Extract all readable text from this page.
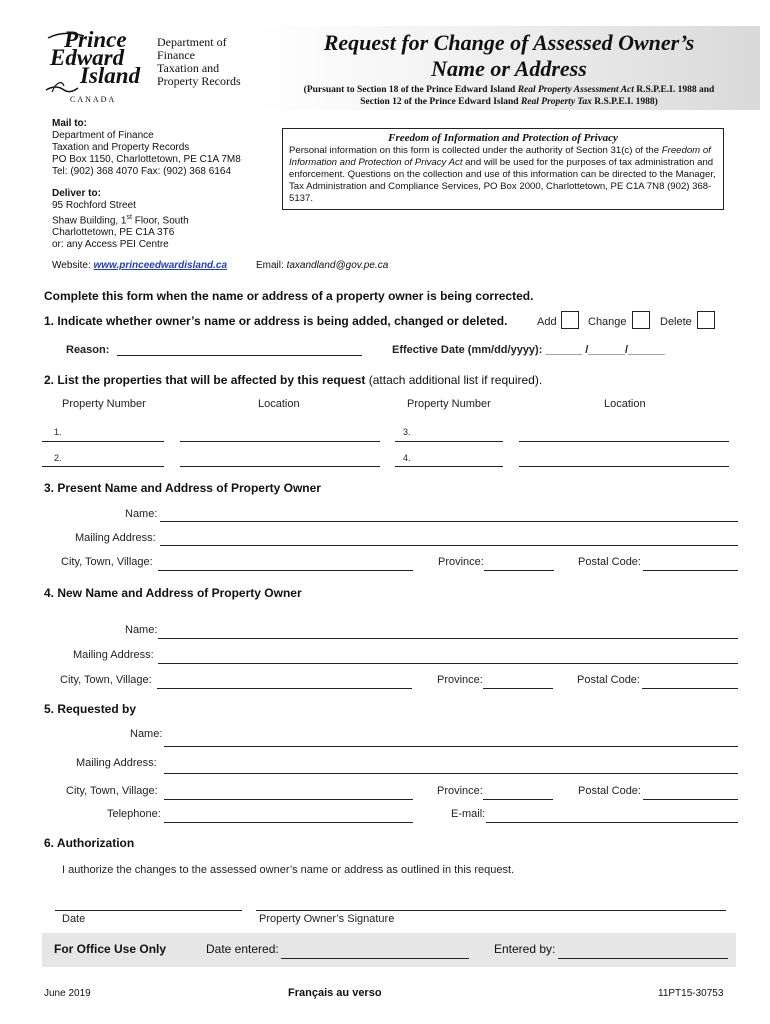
Prince
Edward
Island
CANADA
Department of
Finance
Taxation and
Property Records
Request for Change of Assessed Owner’s
Name or Address
(Pursuant to Section 18 of the Prince Edward Island Real Property Assessment Act R.S.P.E.I. 1988 and
Section 12 of the Prince Edward Island Real Property Tax R.S.P.E.I. 1988)
Mail to:
Department of Finance
Taxation and Property Records
PO Box 1150, Charlottetown, PE C1A 7M8
Tel: (902) 368 4070 Fax: (902) 368 6164
Deliver to:
95 Rochford Street
Shaw Building, 1st Floor, South
Charlottetown, PE C1A 3T6
or: any Access PEI Centre
Website: www.princeedwardisland.ca	Email: taxandland@gov.pe.ca
Freedom of Information and Protection of Privacy
Personal information on this form is collected under the authority of Section 31(c) of the Freedom of Information and Protection of Privacy Act and will be used for the purposes of tax administration and enforcement. Questions on the collection and use of this information can be directed to the Manager, Tax Administration and Compliance Services, PO Box 2000, Charlottetown, PE C1A 7N8 (902) 368-5137.
Complete this form when the name or address of a property owner is being corrected.
1. Indicate whether owner’s name or address is being added, changed or deleted.	Add	Change	Delete
Reason:	Effective Date (mm/dd/yyyy): ______ /______/______
2. List the properties that will be affected by this request (attach additional list if required).
Property Number	Location	Property Number	Location
1.	3.
2.	4.
3. Present Name and Address of Property Owner
Name:
Mailing Address:
City, Town, Village:	Province:	Postal Code:
4. New Name and Address of Property Owner
Name:
Mailing Address:
City, Town, Village:	Province:	Postal Code:
5. Requested by
Name:
Mailing Address:
City, Town, Village:	Province:	Postal Code:
Telephone:	E-mail:
6. Authorization
I authorize the changes to the assessed owner’s name or address as outlined in this request.
Date	Property Owner’s Signature
For Office Use Only	Date entered:	Entered by:
June 2019	Français au verso	11PT15-30753
